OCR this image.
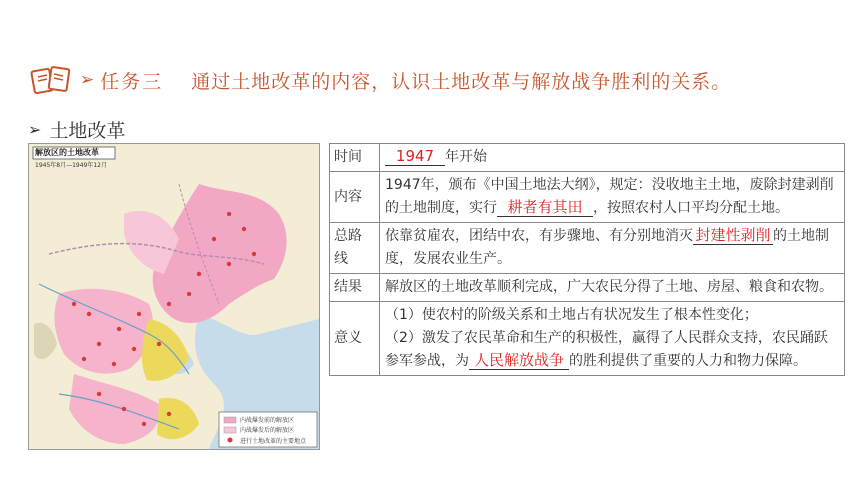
➢ 任务三 通过土地改革的内容，认识土地改革与解放战争胜利的关系。
➢ 土地改革
解放区的土地改革
1945年8月—1949年12月
内战爆发前的解放区
内战爆发后的解放区
进行土地改革的主要地点
时间	1947 年开始
内容	1947年，颁布《中国土地法大纲》，规定：没收地主土地，废除封建剥削的土地制度，实行 耕者有其田 ，按照农村人口平均分配土地。
总路线	依靠贫雇农，团结中农，有步骤地、有分别地消灭 封建性剥削 的土地制度，发展农业生产。
结果	解放区的土地改革顺利完成，广大农民分得了土地、房屋、粮食和农物。
意义	（1）使农村的阶级关系和土地占有状况发生了根本性变化；
（2）激发了农民革命和生产的积极性，赢得了人民群众支持，农民踊跃参军参战，为 人民解放战争 的胜利提供了重要的人力和物力保障。
